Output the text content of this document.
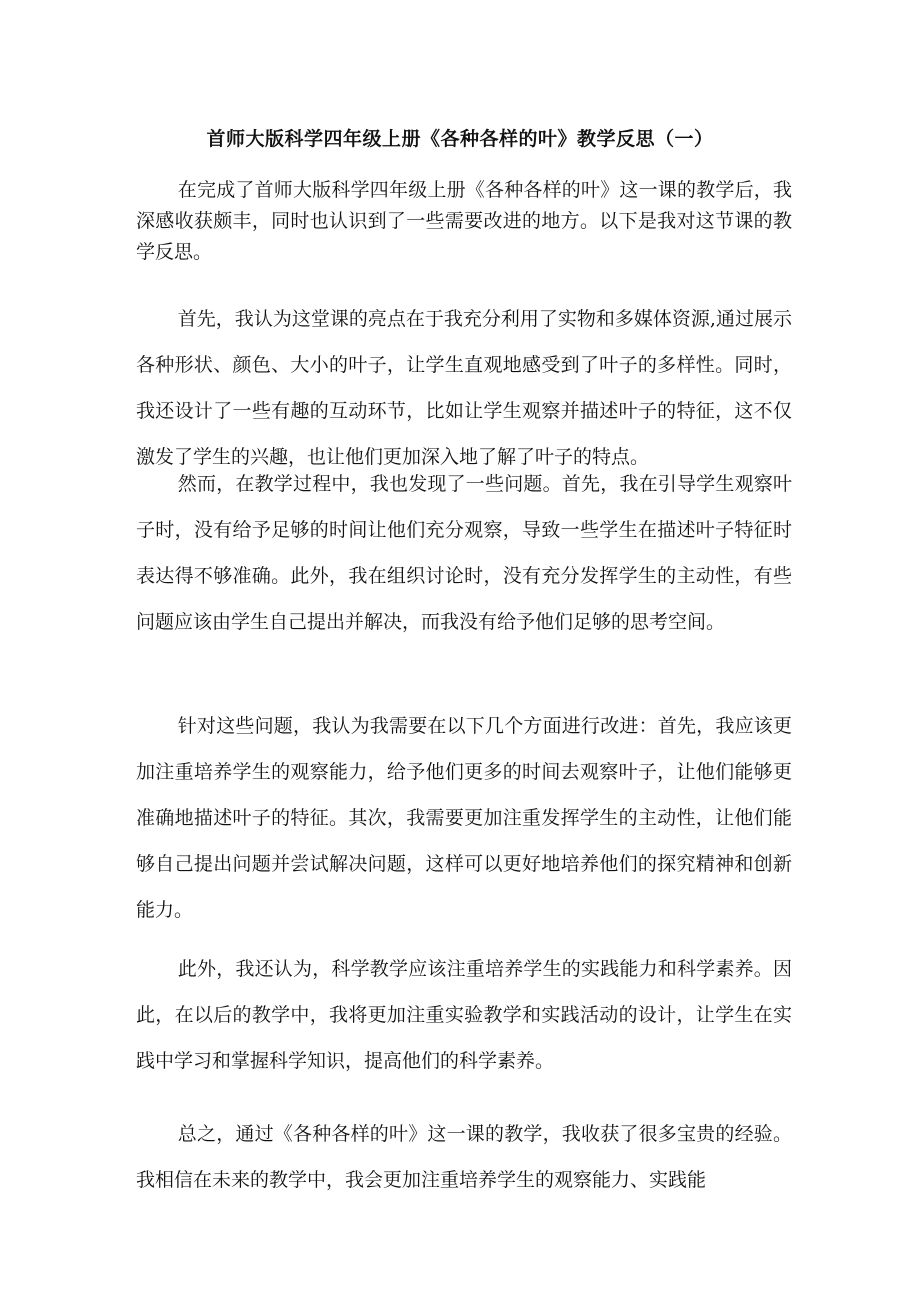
首师大版科学四年级上册《各种各样的叶》教学反思（一）

在完成了首师大版科学四年级上册《各种各样的叶》这一课的教学后，我深感收获颇丰，同时也认识到了一些需要改进的地方。以下是我对这节课的教学反思。

首先，我认为这堂课的亮点在于我充分利用了实物和多媒体资源,通过展示各种形状、颜色、大小的叶子，让学生直观地感受到了叶子的多样性。同时，我还设计了一些有趣的互动环节，比如让学生观察并描述叶子的特征，这不仅激发了学生的兴趣，也让他们更加深入地了解了叶子的特点。

然而，在教学过程中，我也发现了一些问题。首先，我在引导学生观察叶子时，没有给予足够的时间让他们充分观察，导致一些学生在描述叶子特征时表达得不够准确。此外，我在组织讨论时，没有充分发挥学生的主动性，有些问题应该由学生自己提出并解决，而我没有给予他们足够的思考空间。

针对这些问题，我认为我需要在以下几个方面进行改进：首先，我应该更加注重培养学生的观察能力，给予他们更多的时间去观察叶子，让他们能够更准确地描述叶子的特征。其次，我需要更加注重发挥学生的主动性，让他们能够自己提出问题并尝试解决问题，这样可以更好地培养他们的探究精神和创新能力。

此外，我还认为，科学教学应该注重培养学生的实践能力和科学素养。因此，在以后的教学中，我将更加注重实验教学和实践活动的设计，让学生在实践中学习和掌握科学知识，提高他们的科学素养。

总之，通过《各种各样的叶》这一课的教学，我收获了很多宝贵的经验。我相信在未来的教学中，我会更加注重培养学生的观察能力、实践能
